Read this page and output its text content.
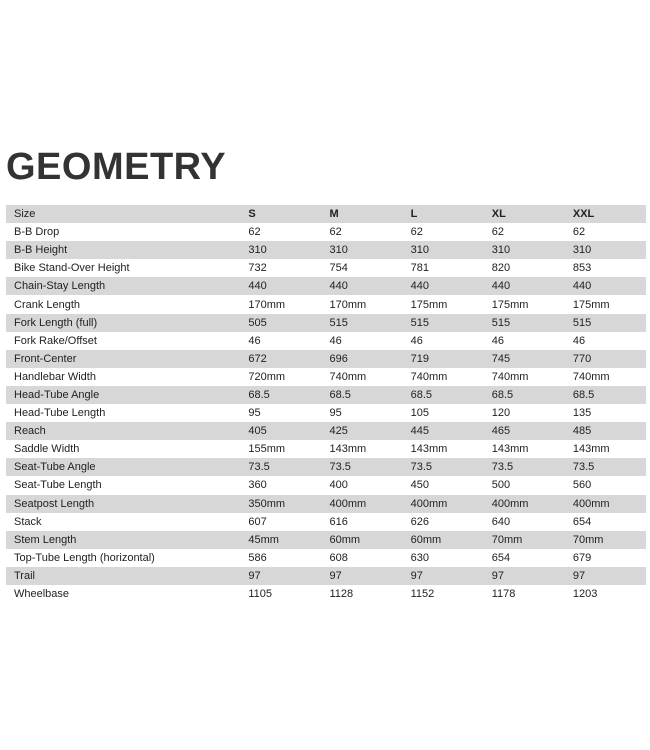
GEOMETRY
Size	S	M	L	XL	XXL
B-B Drop	62	62	62	62	62
B-B Height	310	310	310	310	310
Bike Stand-Over Height	732	754	781	820	853
Chain-Stay Length	440	440	440	440	440
Crank Length	170mm	170mm	175mm	175mm	175mm
Fork Length (full)	505	515	515	515	515
Fork Rake/Offset	46	46	46	46	46
Front-Center	672	696	719	745	770
Handlebar Width	720mm	740mm	740mm	740mm	740mm
Head-Tube Angle	68.5	68.5	68.5	68.5	68.5
Head-Tube Length	95	95	105	120	135
Reach	405	425	445	465	485
Saddle Width	155mm	143mm	143mm	143mm	143mm
Seat-Tube Angle	73.5	73.5	73.5	73.5	73.5
Seat-Tube Length	360	400	450	500	560
Seatpost Length	350mm	400mm	400mm	400mm	400mm
Stack	607	616	626	640	654
Stem Length	45mm	60mm	60mm	70mm	70mm
Top-Tube Length (horizontal)	586	608	630	654	679
Trail	97	97	97	97	97
Wheelbase	1105	1128	1152	1178	1203
